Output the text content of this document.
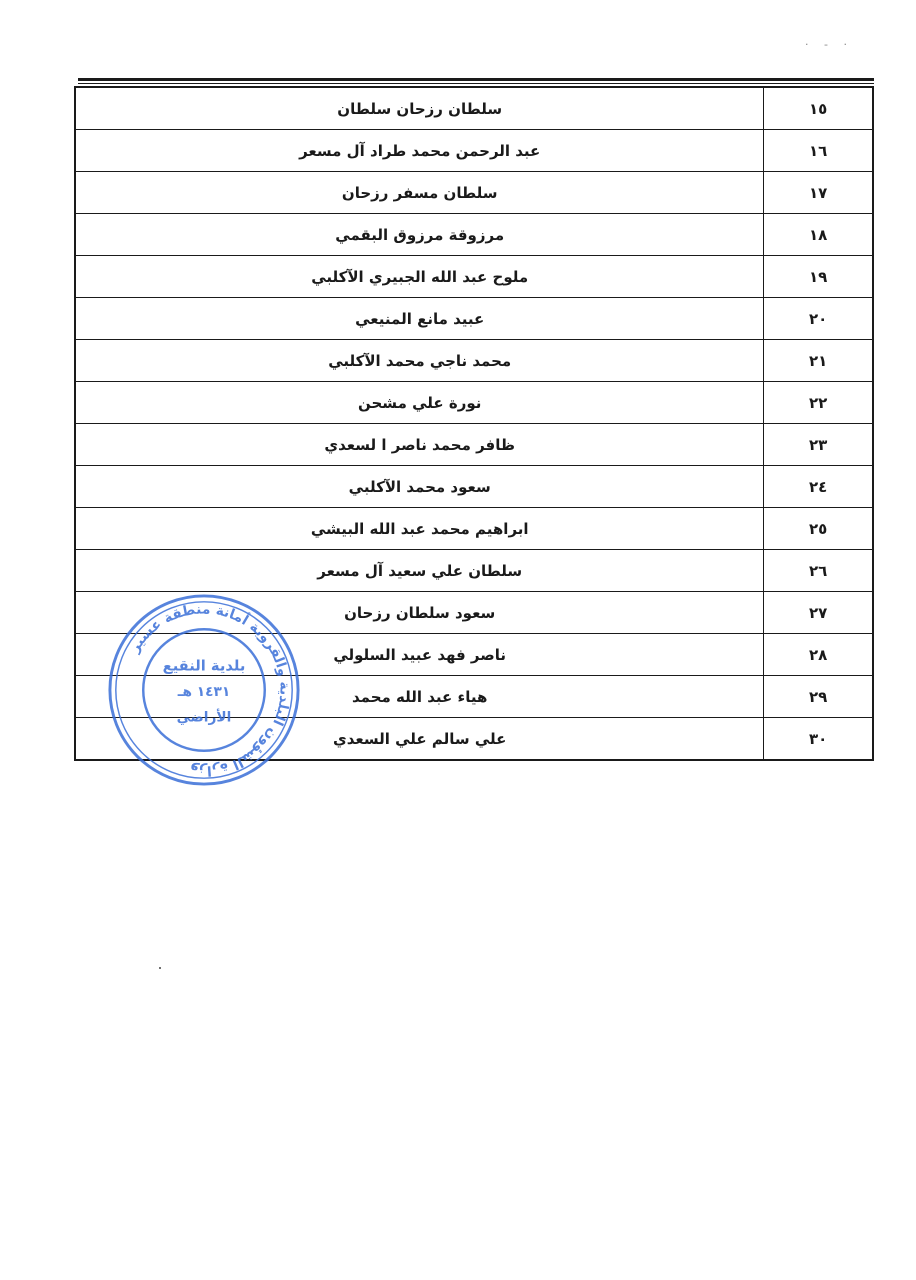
· - ·
١٥	سلطان رزحان سلطان
١٦	عبد الرحمن محمد طراد آل مسعر
١٧	سلطان مسفر رزحان
١٨	مرزوقة مرزوق البقمي
١٩	ملوح عبد الله الجبيري الآكلبي
٢٠	عبيد مانع المنيعي
٢١	محمد ناجي محمد الآكلبي
٢٢	نورة علي مشحن
٢٣	ظافر محمد ناصر ا لسعدي
٢٤	سعود محمد الآكلبي
٢٥	ابراهيم محمد عبد الله البيشي
٢٦	سلطان علي سعيد آل مسعر
٢٧	سعود سلطان رزحان
٢٨	ناصر فهد عبيد السلولي
٢٩	هياء عبد الله محمد
٣٠	علي سالم علي السعدي
وزارة الشؤون البلدية والقروية أمانة منطقة عسير
بلدية النقيع
١٤٣١ هـ
الأراضي
